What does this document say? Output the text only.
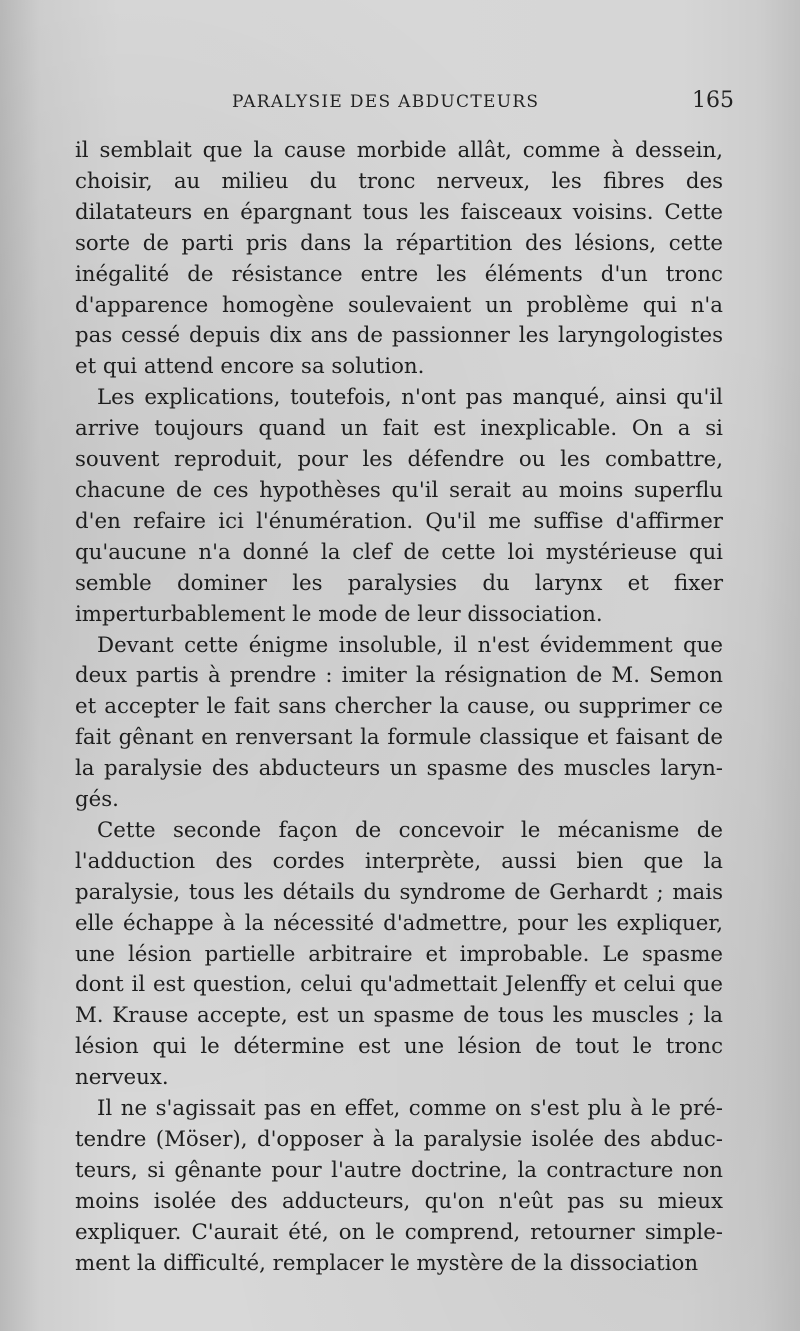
PARALYSIE DES ABDUCTEURS	165

il semblait que la cause morbide allât, comme à dessein, choisir, au milieu du tronc nerveux, les fibres des dilatateurs en épargnant tous les faisceaux voisins. Cette sorte de parti pris dans la répartition des lésions, cette inégalité de résistance entre les éléments d'un tronc d'apparence homogène soulevaient un problème qui n'a pas cessé depuis dix ans de passionner les laryngologistes et qui attend encore sa solution.

Les explications, toutefois, n'ont pas manqué, ainsi qu'il arrive toujours quand un fait est inexplicable. On a si souvent reproduit, pour les défendre ou les combattre, chacune de ces hypothèses qu'il serait au moins superflu d'en refaire ici l'énumération. Qu'il me suffise d'affirmer qu'aucune n'a donné la clef de cette loi mystérieuse qui semble dominer les paralysies du larynx et fixer imperturbablement le mode de leur dissociation.

Devant cette énigme insoluble, il n'est évidemment que deux partis à prendre : imiter la résignation de M. Semon et accepter le fait sans chercher la cause, ou supprimer ce fait gênant en renversant la formule classique et faisant de la paralysie des abducteurs un spasme des muscles laryngés.

Cette seconde façon de concevoir le mécanisme de l'adduction des cordes interprète, aussi bien que la paralysie, tous les détails du syndrome de Gerhardt ; mais elle échappe à la nécessité d'admettre, pour les expliquer, une lésion partielle arbitraire et improbable. Le spasme dont il est question, celui qu'admettait Jelenffy et celui que M. Krause accepte, est un spasme de tous les muscles ; la lésion qui le détermine est une lésion de tout le tronc nerveux.

Il ne s'agissait pas en effet, comme on s'est plu à le prétendre (Möser), d'opposer à la paralysie isolée des abducteurs, si gênante pour l'autre doctrine, la contracture non moins isolée des adducteurs, qu'on n'eût pas su mieux expliquer. C'aurait été, on le comprend, retourner simplement la difficulté, remplacer le mystère de la dissociation
